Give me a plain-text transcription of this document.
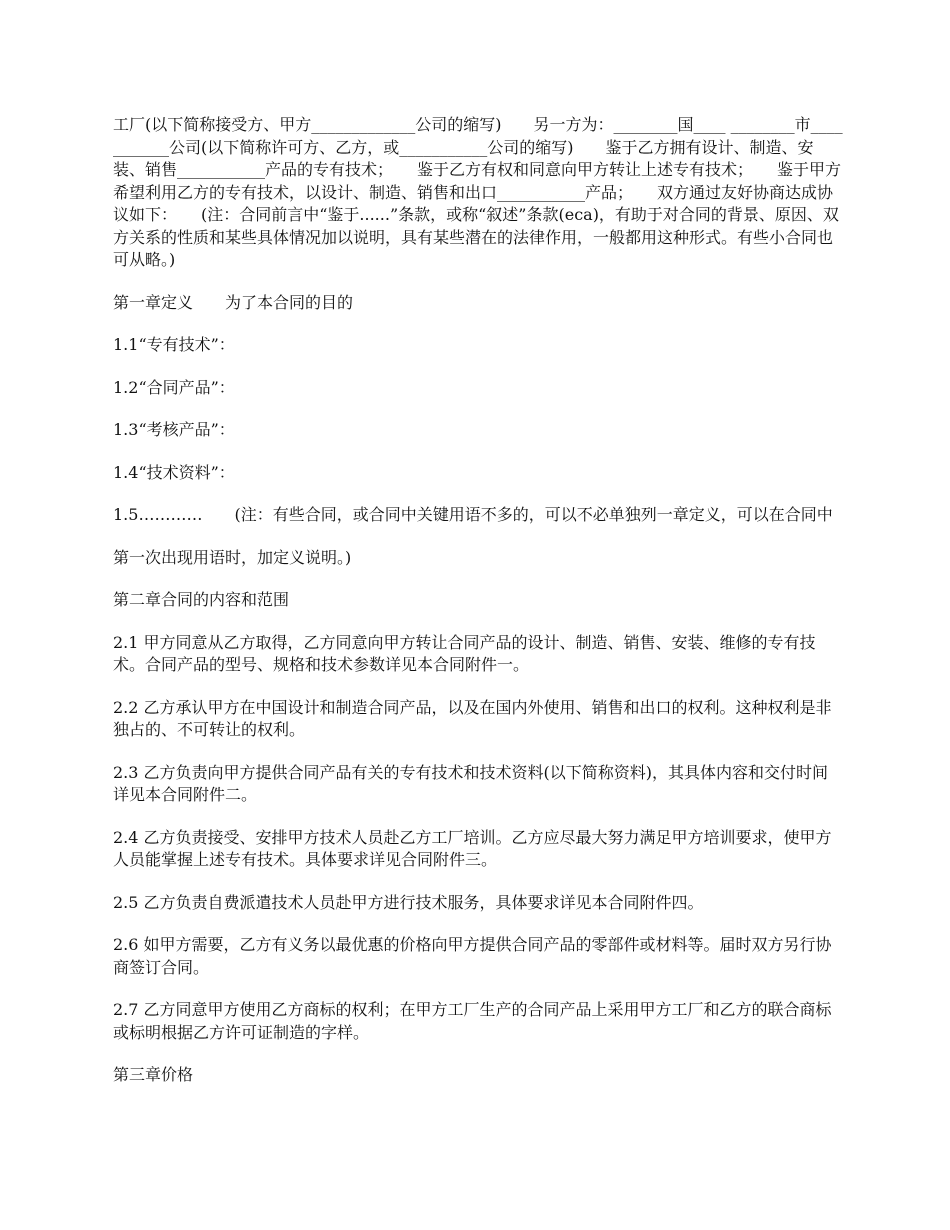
工厂(以下简称接受方、甲方_____________公司的缩写)　　另一方为：________国____ ________市___________公司(以下简称许可方、乙方，或___________公司的缩写)　　鉴于乙方拥有设计、制造、安装、销售___________产品的专有技术；　　鉴于乙方有权和同意向甲方转让上述专有技术；　　鉴于甲方希望利用乙方的专有技术，以设计、制造、销售和出口___________产品；　　双方通过友好协商达成协议如下：　　(注：合同前言中“鉴于......”条款，或称“叙述”条款(eca)，有助于对合同的背景、原因、双方关系的性质和某些具体情况加以说明，具有某些潜在的法律作用，一般都用这种形式。有些小合同也可从略。)

第一章定义　　为了本合同的目的

1.1“专有技术”：

1.2“合同产品”：

1.3“考核产品”：

1.4“技术资料”：

1.5…………　　(注：有些合同，或合同中关键用语不多的，可以不必单独列一章定义，可以在合同中

第一次出现用语时，加定义说明。)

第二章合同的内容和范围

2.1 甲方同意从乙方取得，乙方同意向甲方转让合同产品的设计、制造、销售、安装、维修的专有技术。合同产品的型号、规格和技术参数详见本合同附件一。

2.2 乙方承认甲方在中国设计和制造合同产品，以及在国内外使用、销售和出口的权利。这种权利是非独占的、不可转让的权利。

2.3 乙方负责向甲方提供合同产品有关的专有技术和技术资料(以下简称资料)，其具体内容和交付时间详见本合同附件二。

2.4 乙方负责接受、安排甲方技术人员赴乙方工厂培训。乙方应尽最大努力满足甲方培训要求，使甲方人员能掌握上述专有技术。具体要求详见合同附件三。

2.5 乙方负责自费派遣技术人员赴甲方进行技术服务，具体要求详见本合同附件四。

2.6 如甲方需要，乙方有义务以最优惠的价格向甲方提供合同产品的零部件或材料等。届时双方另行协商签订合同。

2.7 乙方同意甲方使用乙方商标的权利；在甲方工厂生产的合同产品上采用甲方工厂和乙方的联合商标或标明根据乙方许可证制造的字样。

第三章价格
